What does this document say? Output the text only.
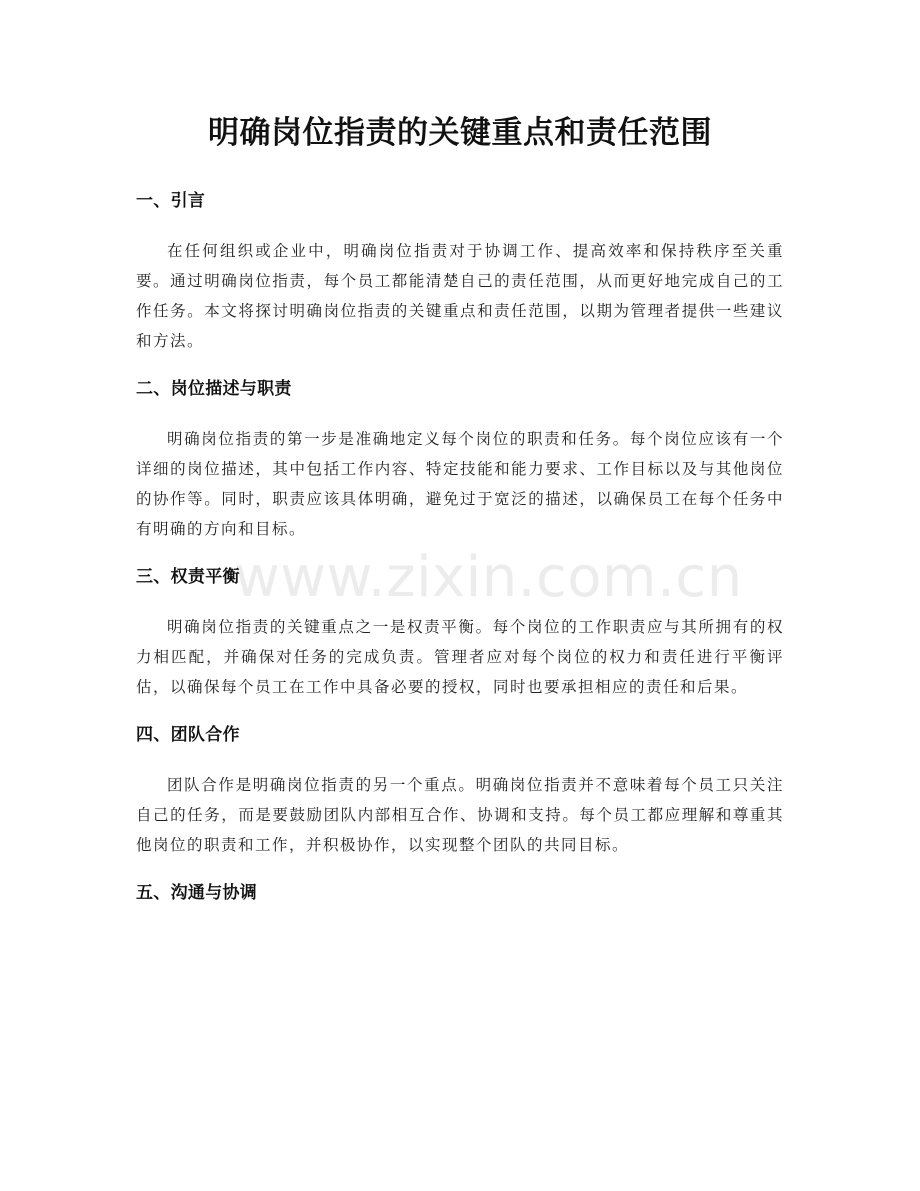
明确岗位指责的关键重点和责任范围
www.zixin.com.cn
一、引言

在任何组织或企业中，明确岗位指责对于协调工作、提高效率和保持秩序至关​重要。通过明确岗位指责，每个员工都能清楚自己的责任范围，从而更好地完成自​己的工作任务。本文将探讨明确岗位指责的关键重点和责任范围，以期为管理者提​供一些建议和方法。

二、岗位描述与职责

明确岗位指责的第一步是准确地定义每个岗位的职责和任务。每个岗位应该有​一个详细的岗位描述，其中包括工作内容、特定技能和能力要求、工作目标以及与​其他岗位的协作等。同时，职责应该具体明确，避免过于宽泛的描述，以确保员工​在每个任务中有明确的方向和目标。

三、权责平衡

明确岗位指责的关键重点之一是权责平衡。每个岗位的工作职责应与其所拥有​的权力相匹配，并确保对任务的完成负责。管理者应对每个岗位的权力和责任进行​平衡评估，以确保每个员工在工作中具备必要的授权，同时也要承担相应的责任和​后果。

四、团队合作

团队合作是明确岗位指责的另一个重点。明确岗位指责并不意味着每个员工只​关注自己的任务，而是要鼓励团队内部相互合作、协调和支持。每个员工都应理解​和尊重其他岗位的职责和工作，并积极协作，以实现整个团队的共同目标。

五、沟通与协调
